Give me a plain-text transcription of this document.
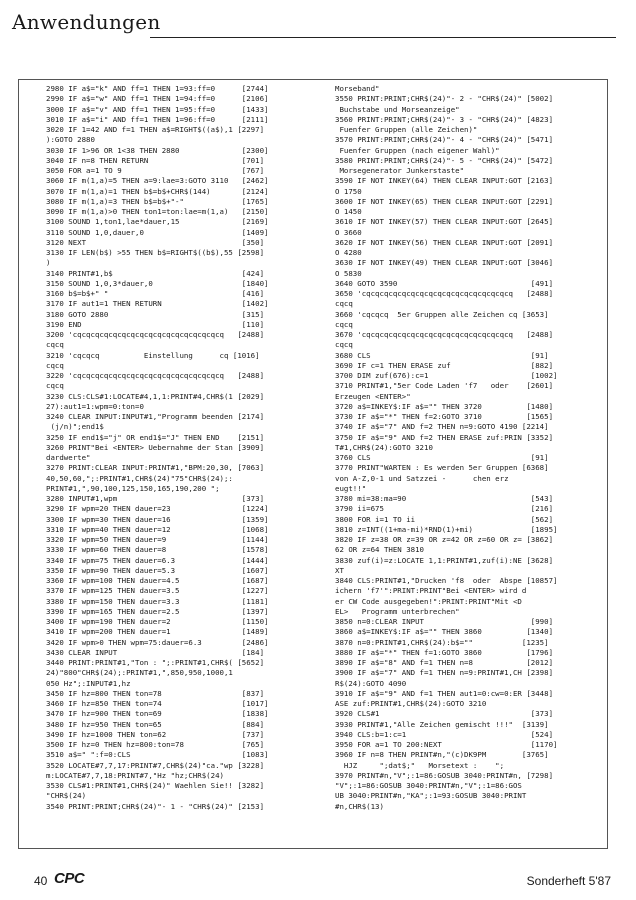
Anwendungen
2980 IF a$="k" AND ff=1 THEN 1=93:ff=0      [2744]
2990 IF a$="w" AND ff=1 THEN 1=94:ff=0      [2106]
3000 IF a$="v" AND ff=1 THEN 1=95:ff=0      [1433]
3010 IF a$="i" AND ff=1 THEN 1=96:ff=0      [2111]
3020 IF 1=42 AND f=1 THEN a$=RIGHT$((a$),1 [2297]
):GOTO 2880
3030 IF 1>96 OR 1<38 THEN 2880              [2300]
3040 IF n=8 THEN RETURN                     [701]
3050 FOR a=1 TO 9                           [767]
3060 IF m(1,a)=5 THEN a=9:lae=3:GOTO 3110   [2462]
3070 IF m(1,a)=1 THEN b$=b$+CHR$(144)       [2124]
3080 IF m(1,a)=3 THEN b$=b$+"-"             [1765]
3090 IF m(1,a)>0 THEN ton1=ton:lae=m(1,a)   [2150]
3100 SOUND 1,ton1,lae*dauer,15              [2169]
3110 SOUND 1,0,dauer,0                      [1409]
3120 NEXT                                   [350]
3130 IF LEN(b$) >55 THEN b$=RIGHT$((b$),55 [2598]
)
3140 PRINT#1,b$                             [424]
3150 SOUND 1,0,3*dauer,0                    [1840]
3160 b$=b$+" "                              [416]
3170 IF aut1=1 THEN RETURN                  [1402]
3180 GOTO 2880                              [315]
3190 END                                    [110]
3200 'cqcqcqcqcqcqcqcqcqcqcqcqcqcqcqcqcq   [2488]
cqcq
3210 'cqcqcq          Einstellung      cq [1016]
cqcq
3220 'cqcqcqcqcqcqcqcqcqcqcqcqcqcqcqcqcq   [2488]
cqcq
3230 CLS:CLS#1:LOCATE#4,1,1:PRINT#4,CHR$(1 [2029]
27):aut1=1:wpm=0:ton=0
3240 CLEAR INPUT:INPUT#1,"Programm beenden [2174]
(j/n)";end1$
3250 IF end1$="j" OR end1$="J" THEN END    [2151]
3260 PRINT"Bei <ENTER> Uebernahme der Stan [3909]
dardwerte"
3270 PRINT:CLEAR INPUT:PRINT#1,"BPM:20,30, [7063]
40,50,60,";:PRINT#1,CHR$(24)"75"CHR$(24);:
PRINT#1,",90,100,125,150,165,190,200 ";
3280 INPUT#1,wpm                            [373]
3290 IF wpm=20 THEN dauer=23                [1224]
3300 IF wpm=30 THEN dauer=16                [1359]
3310 IF wpm=40 THEN dauer=12                [1068]
3320 IF wpm=50 THEN dauer=9                 [1144]
3330 IF wpm=60 THEN dauer=8                 [1578]
3340 IF wpm=75 THEN dauer=6.3               [1444]
3350 IF wpm=90 THEN dauer=5.3               [1607]
3360 IF wpm=100 THEN dauer=4.5              [1687]
3370 IF wpm=125 THEN dauer=3.5              [1227]
3380 IF wpm=150 THEN dauer=3.3              [1181]
3390 IF wpm=165 THEN dauer=2.5              [1397]
3400 IF wpm=190 THEN dauer=2                [1150]
3410 IF wpm=200 THEN dauer=1                [1489]
3420 IF wpm>0 THEN wpm=75:dauer=6.3         [2486]
3430 CLEAR INPUT                            [184]
3440 PRINT:PRINT#1,"Ton : ";:PRINT#1,CHR$( [5652]
24)"800"CHR$(24);:PRINT#1,",850,950,1000,1
050 Hz";:INPUT#1,hz
3450 IF hz=800 THEN ton=78                  [837]
3460 IF hz=850 THEN ton=74                  [1017]
3470 IF hz=900 THEN ton=69                  [1838]
3480 IF hz=950 THEN ton=65                  [884]
3490 IF hz=1000 THEN ton=62                 [737]
3500 IF hz=0 THEN hz=800:ton=78             [765]
3510 a$=" ":f=0:CLS                         [1083]
3520 LOCATE#7,7,17:PRINT#7,CHR$(24)"ca."wp [3228]
m:LOCATE#7,7,18:PRINT#7,"Hz "hz;CHR$(24)
3530 CLS#1:PRINT#1,CHR$(24)" Waehlen Sie!! [3282]
"CHR$(24)
3540 PRINT:PRINT;CHR$(24)"- 1 - "CHR$(24)" [2153]
Morseband"
3550 PRINT:PRINT;CHR$(24)"- 2 - "CHR$(24)" [5002]
Buchstabe und Morseanzeige"
3560 PRINT:PRINT;CHR$(24)"- 3 - "CHR$(24)" [4823]
Fuenfer Gruppen (alle Zeichen)"
3570 PRINT:PRINT;CHR$(24)"- 4 - "CHR$(24)" [5471]
Fuenfer Gruppen (nach eigener Wahl)"
3580 PRINT:PRINT;CHR$(24)"- 5 - "CHR$(24)" [5472]
Morsegenerator Junkerstaste"
3590 IF NOT INKEY(64) THEN CLEAR INPUT:GOT [2163]
O 1750
3600 IF NOT INKEY(65) THEN CLEAR INPUT:GOT [2291]
O 1450
3610 IF NOT INKEY(57) THEN CLEAR INPUT:GOT [2645]
O 3660
3620 IF NOT INKEY(56) THEN CLEAR INPUT:GOT [2091]
O 4280
3630 IF NOT INKEY(49) THEN CLEAR INPUT:GOT [3046]
O 5830
3640 GOTO 3590                              [491]
3650 'cqcqcqcqcqcqcqcqcqcqcqcqcqcqcqcqcq   [2488]
cqcq
3660 'cqcqcq  5er Gruppen alle Zeichen cq [3653]
cqcq
3670 'cqcqcqcqcqcqcqcqcqcqcqcqcqcqcqcqcq   [2488]
cqcq
3680 CLS                                    [91]
3690 IF c=1 THEN ERASE zuf                  [882]
3700 DIM zuf(676):c=1                       [1002]
3710 PRINT#1,"5er Code Laden 'f7   oder    [2601]
Erzeugen <ENTER>"
3720 a$=INKEY$:IF a$="" THEN 3720          [1480]
3730 IF a$="*" THEN f=2:GOTO 3710          [1565]
3740 IF a$="7" AND f=2 THEN n=9:GOTO 4190 [2214]
3750 IF a$="9" AND f=2 THEN ERASE zuf:PRIN [3352]
T#1,CHR$(24):GOTO 3210
3760 CLS                                    [91]
3770 PRINT"WARTEN : Es werden 5er Gruppen [6368]
von A-Z,0-1 und Satzzei -      chen erz
eugt!!"
3780 mi=38:ma=90                            [543]
3790 ii=675                                 [216]
3800 FOR i=1 TO ii                          [562]
3810 z=INT((1+ma-mi)*RND(1)+mi)             [1895]
3820 IF z=38 OR z=39 OR z=42 OR z=60 OR z= [3862]
62 OR z=64 THEN 3810
3830 zuf(i)=z:LOCATE 1,1:PRINT#1,zuf(i):NE [3628]
XT
3840 CLS:PRINT#1,"Drucken 'f8  oder  Abspe [10857]
ichern 'f7'":PRINT:PRINT"Bei <ENTER> wird d
er CW Code ausgegeben!":PRINT:PRINT"Mit <D
EL>   Programm unterbrechen"
3850 n=0:CLEAR INPUT                        [990]
3860 a$=INKEY$:IF a$="" THEN 3860          [1340]
3870 n=0:PRINT#1,CHR$(24):b$=""           [1235]
3880 IF a$="*" THEN f=1:GOTO 3860          [1796]
3890 IF a$="8" AND f=1 THEN n=8            [2012]
3900 IF a$="7" AND f=1 THEN n=9:PRINT#1,CH [2398]
R$(24):GOTO 4090
3910 IF a$="9" AND f=1 THEN aut1=0:cw=0:ER [3448]
ASE zuf:PRINT#1,CHR$(24):GOTO 3210
3920 CLS#1                                  [373]
3930 PRINT#1,"Alle Zeichen gemischt !!!"  [3139]
3940 CLS:b=1:c=1                            [524]
3950 FOR a=1 TO 200:NEXT                    [1170]
3960 IF n=8 THEN PRINT#n,"(c)DK9PM        [3765]
HJZ     ";dat$;"   Morsetext :    ";
3970 PRINT#n,"V";:1=86:GOSUB 3040:PRINT#n, [7298]
"V";:1=86:GOSUB 3040:PRINT#n,"V";:1=86:GOS
UB 3040:PRINT#n,"KA";:1=93:GOSUB 3040:PRINT
#n,CHR$(13)
40 CPC	Sonderheft 5'87
